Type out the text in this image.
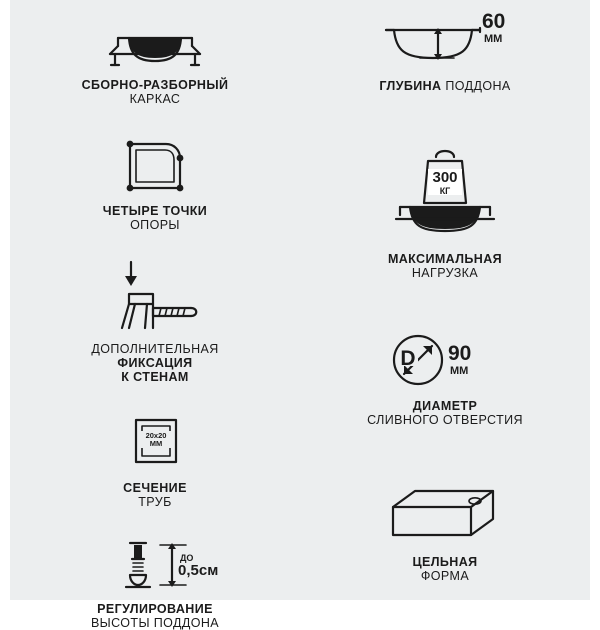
СБОРНО-РАЗБОРНЫЙ
КАРКАС
ЧЕТЫРЕ ТОЧКИ
ОПОРЫ
ДОПОЛНИТЕЛЬНАЯ
ФИКСАЦИЯ
К СТЕНАМ
20x20
ММ
СЕЧЕНИЕ
ТРУБ
ДО
0,5см
РЕГУЛИРОВАНИЕ
ВЫСОТЫ ПОДДОНА
60
ММ
ГЛУБИНА ПОДДОНА
300
КГ
МАКСИМАЛЬНАЯ
НАГРУЗКА
D 90
ММ
ДИАМЕТР
СЛИВНОГО ОТВЕРСТИЯ
ЦЕЛЬНАЯ
ФОРМА
